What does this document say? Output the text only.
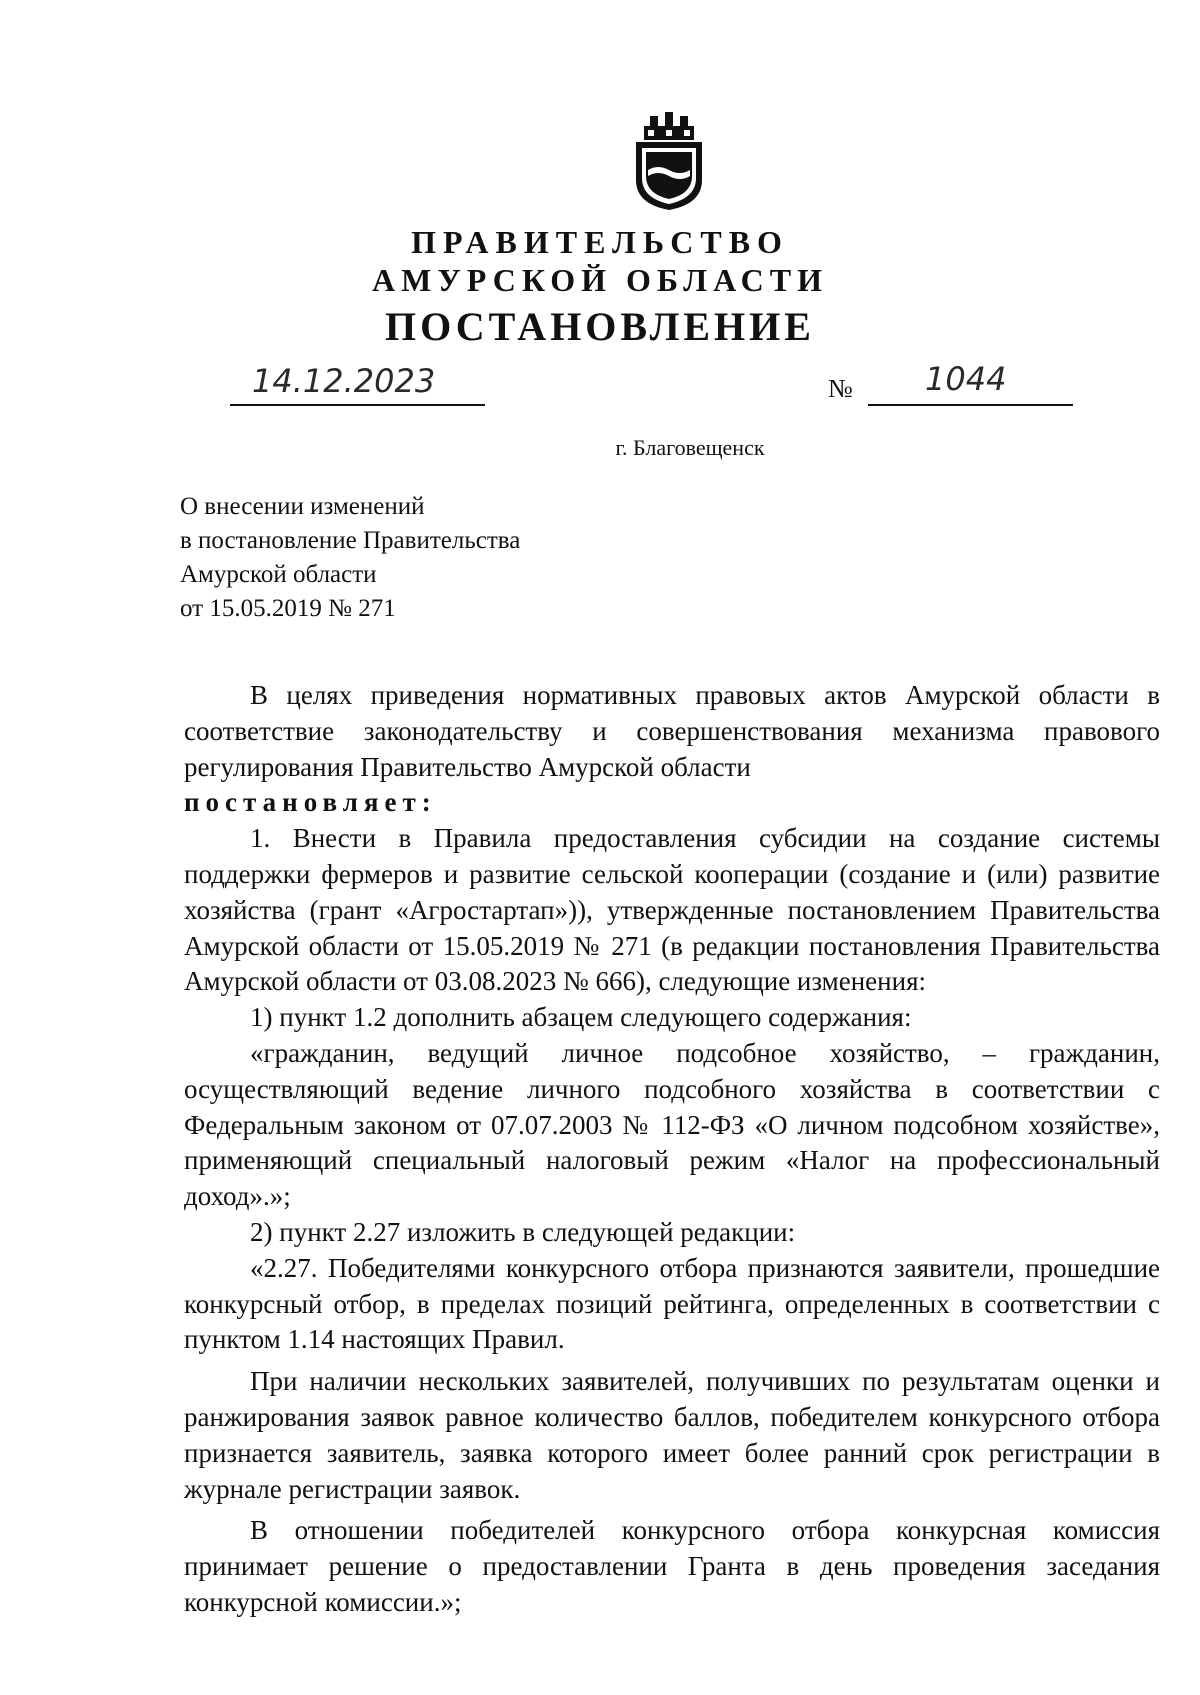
ПРАВИТЕЛЬСТВО
АМУРСКОЙ ОБЛАСТИ
ПОСТАНОВЛЕНИЕ
14.12.2023	№ 1044
г. Благовещенск
О внесении изменений
в постановление Правительства
Амурской области
от 15.05.2019 № 271

В целях приведения нормативных правовых актов Амурской области в соответствие законодательству и совершенствования механизма правового регулирования Правительство Амурской области

постановляет:

1. Внести в Правила предоставления субсидии на создание системы поддержки фермеров и развитие сельской кооперации (создание и (или) развитие хозяйства (грант «Агростартап»)), утвержденные постановлением Правительства Амурской области от 15.05.2019 № 271 (в редакции постановления Правительства Амурской области от 03.08.2023 № 666), следующие изменения:

1) пункт 1.2 дополнить абзацем следующего содержания:

«гражданин, ведущий личное подсобное хозяйство, – гражданин, осуществляющий ведение личного подсобного хозяйства в соответствии с Федеральным законом от 07.07.2003 № 112-ФЗ «О личном подсобном хозяйстве», применяющий специальный налоговый режим «Налог на профессиональный доход».»;

2) пункт 2.27 изложить в следующей редакции:

«2.27. Победителями конкурсного отбора признаются заявители, прошедшие конкурсный отбор, в пределах позиций рейтинга, определенных в соответствии с пунктом 1.14 настоящих Правил.

При наличии нескольких заявителей, получивших по результатам оценки и ранжирования заявок равное количество баллов, победителем конкурсного отбора признается заявитель, заявка которого имеет более ранний срок регистрации в журнале регистрации заявок.

В отношении победителей конкурсного отбора конкурсная комиссия принимает решение о предоставлении Гранта в день проведения заседания конкурсной комиссии.»;
